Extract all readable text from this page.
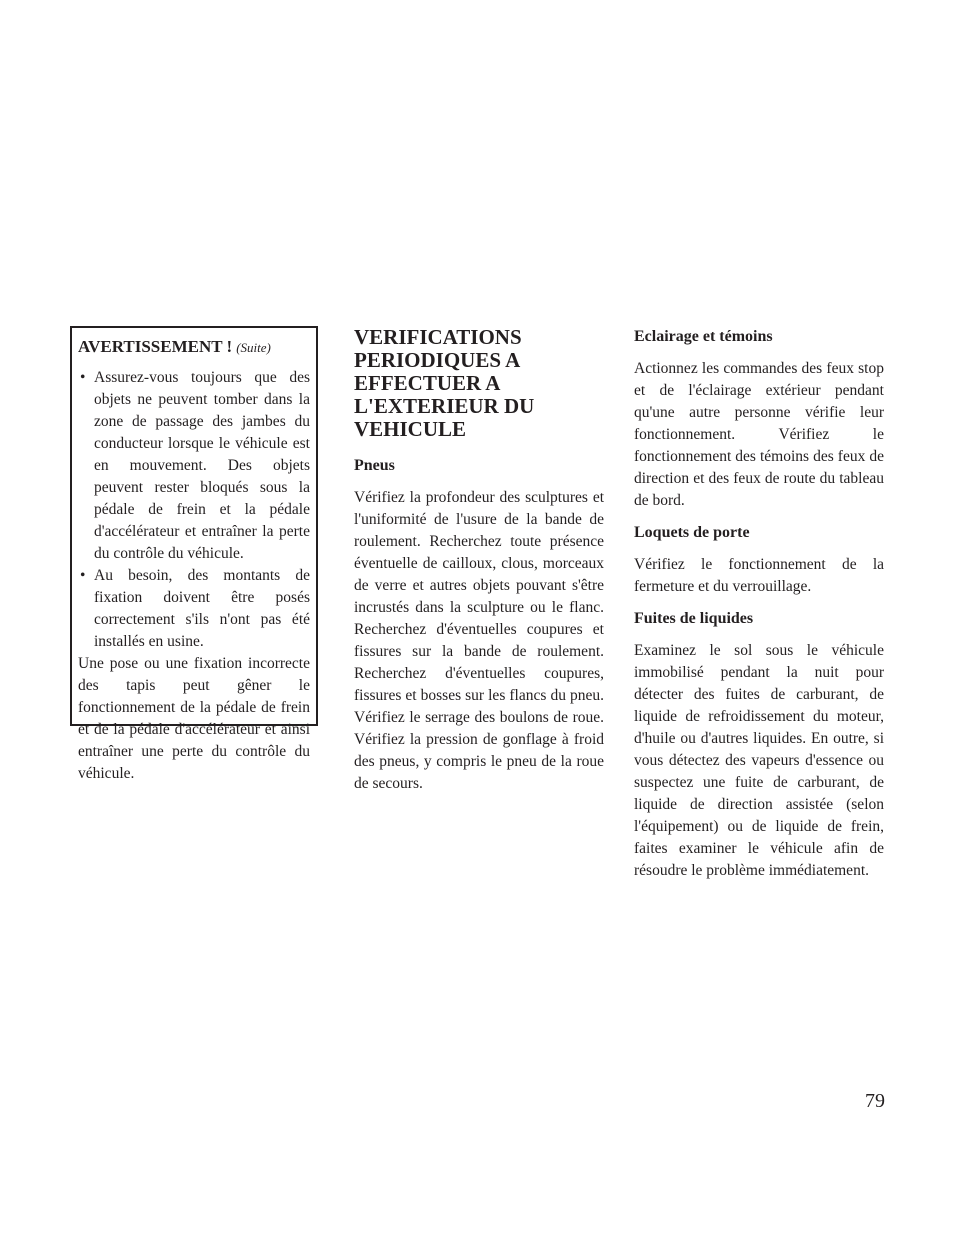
AVERTISSEMENT ! (Suite)

• Assurez-vous toujours que des objets ne peuvent tomber dans la zone de passage des jambes du conducteur lorsque le véhicule est en mouvement. Des objets peuvent rester bloqués sous la pédale de frein et la pédale d'accélérateur et entraîner la perte du contrôle du véhicule.
• Au besoin, des montants de fixation doivent être posés correctement s'ils n'ont pas été installés en usine.

Une pose ou une fixation incorrecte des tapis peut gêner le fonctionnement de la pédale de frein et de la pédale d'accélérateur et ainsi entraîner une perte du contrôle du véhicule.

VERIFICATIONS PERIODIQUES A EFFECTUER A L'EXTERIEUR DU VEHICULE
Pneus

Vérifiez la profondeur des sculptures et l'uniformité de l'usure de la bande de roulement. Recherchez toute présence éventuelle de cailloux, clous, morceaux de verre et autres objets pouvant s'être incrustés dans la sculpture ou le flanc. Recherchez d'éventuelles coupures et fissures sur la bande de roulement. Recherchez d'éventuelles coupures, fissures et bosses sur les flancs du pneu. Vérifiez le serrage des boulons de roue. Vérifiez la pression de gonflage à froid des pneus, y compris le pneu de la roue de secours.

Eclairage et témoins

Actionnez les commandes des feux stop et de l'éclairage extérieur pendant qu'une autre personne vérifie leur fonctionnement. Vérifiez le fonctionnement des témoins des feux de direction et des feux de route du tableau de bord.

Loquets de porte

Vérifiez le fonctionnement de la fermeture et du verrouillage.

Fuites de liquides

Examinez le sol sous le véhicule immobilisé pendant la nuit pour détecter des fuites de carburant, de liquide de refroidissement du moteur, d'huile ou d'autres liquides. En outre, si vous détectez des vapeurs d'essence ou suspectez une fuite de carburant, de liquide de direction assistée (selon l'équipement) ou de liquide de frein, faites examiner le véhicule afin de résoudre le problème immédiatement.

79
